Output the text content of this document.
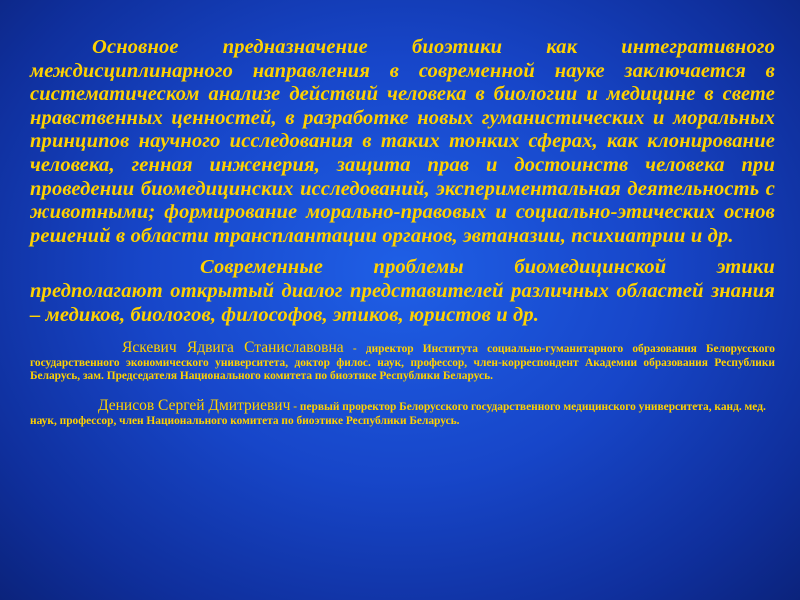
Основное предназначение биоэтики как интегративного междисциплинарного направления в современной науке заключается в систематическом анализе действий человека в биологии и медицине в свете нравственных ценностей, в разработке новых гуманистических и моральных принципов научного исследования в таких тонких сферах, как клонирование человека, генная инженерия, защита прав и достоинств человека при проведении биомедицинских исследований, экспериментальная деятельность с животными; формирование морально-правовых и социально-этических основ решений в области трансплантации органов, эвтаназии, психиатрии и др.

Современные проблемы биомедицинской этики предполагают открытый диалог представителей различных областей знания – медиков, биологов, философов, этиков, юристов и др.

Яскевич Ядвига Станиславовна - директор Института социально-гуманитарного образования Белорусского государственного экономического университета, доктор филос. наук, профессор, член-корреспондент Академии образования Республики Беларусь, зам. Председателя Национального комитета по биоэтике Республики Беларусь.

Денисов Сергей Дмитриевич - первый проректор Белорусского государственного медицинского университета, канд. мед. наук, профессор, член Национального комитета по биоэтике Республики Беларусь.
